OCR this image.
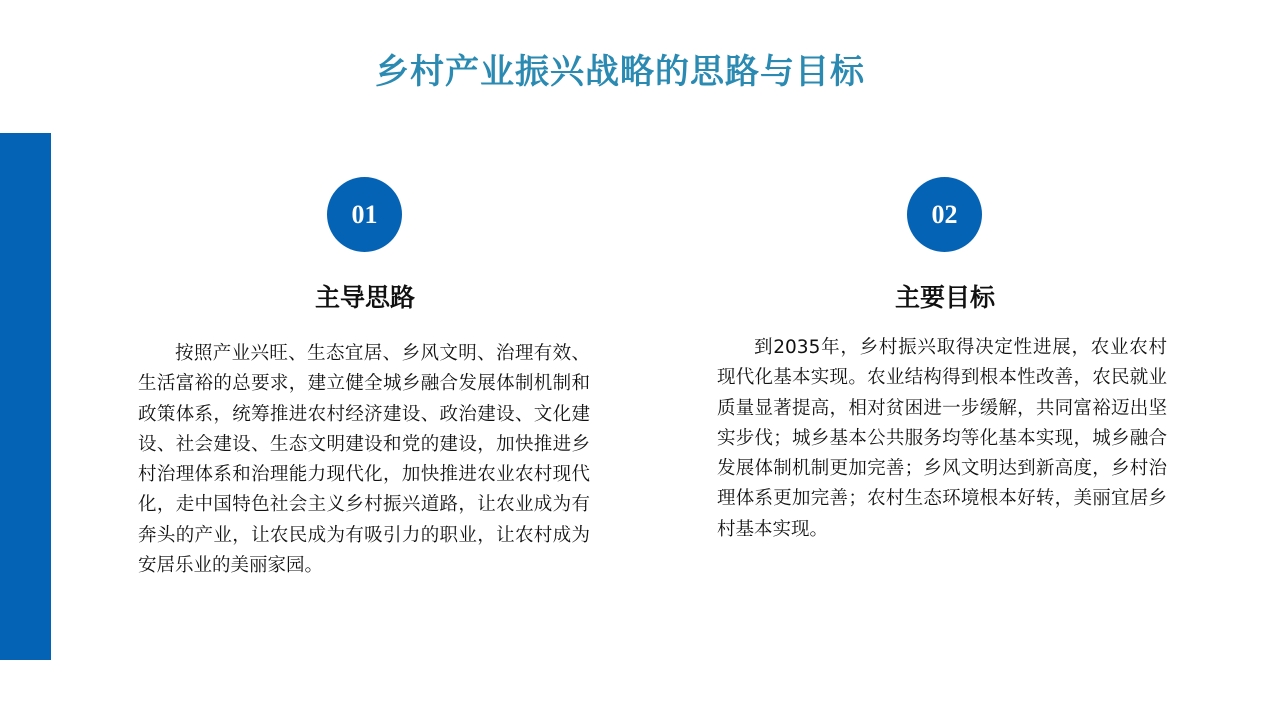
乡村产业振兴战略的思路与目标
01
主导思路

按照产业兴旺、生态宜居、乡风文明、治理有效、生活富裕的总要求，建立健全城乡融合发展体制机制和政策体系，统筹推进农村经济建设、政治建设、文化建设、社会建设、生态文明建设和党的建设，加快推进乡村治理体系和治理能力现代化，加快推进农业农村现代化，走中国特色社会主义乡村振兴道路，让农业成为有奔头的产业，让农民成为有吸引力的职业，让农村成为安居乐业的美丽家园。

02
主要目标

到2035年，乡村振兴取得决定性进展，农业农村现代化基本实现。农业结构得到根本性改善，农民就业质量显著提高，相对贫困进一步缓解，共同富裕迈出坚实步伐；城乡基本公共服务均等化基本实现，城乡融合发展体制机制更加完善；乡风文明达到新高度，乡村治理体系更加完善；农村生态环境根本好转，美丽宜居乡村基本实现。
